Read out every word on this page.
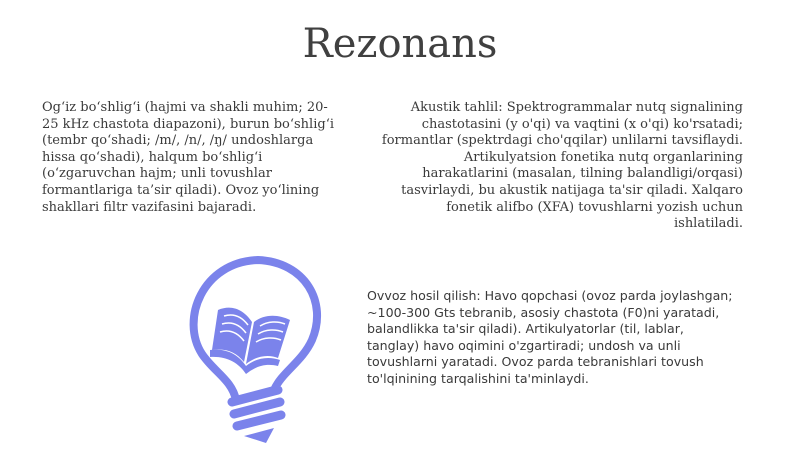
Rezonans

Og‘iz bo‘shlig‘i (hajmi va shakli muhim; 20-25 kHz chastota diapazoni), burun bo‘shlig‘i (tembr qo‘shadi; /m/, /n/, /ŋ/ undoshlarga hissa qo‘shadi), halqum bo‘shlig‘i (o‘zgaruvchan hajm; unli tovushlar formantlariga ta’sir qiladi). Ovoz yo‘lining shakllari filtr vazifasini bajaradi.

Akustik tahlil: Spektrogrammalar nutq signalining chastotasini (y o'qi) va vaqtini (x o'qi) ko'rsatadi; formantlar (spektrdagi cho'qqilar) unlilarni tavsiflaydi. Artikulyatsion fonetika nutq organlarining harakatlarini (masalan, tilning balandligi/orqasi) tasvirlaydi, bu akustik natijaga ta'sir qiladi. Xalqaro fonetik alifbo (XFA) tovushlarni yozish uchun ishlatiladi.

Ovvoz hosil qilish: Havo qopchasi (ovoz parda joylashgan; ~100-300 Gts tebranib, asosiy chastota (F0)ni yaratadi, balandlikka ta'sir qiladi). Artikulyatorlar (til, lablar, tanglay) havo oqimini o'zgartiradi; undosh va unli tovushlarni yaratadi. Ovoz parda tebranishlari tovush to'lqinining tarqalishini ta'minlaydi.
